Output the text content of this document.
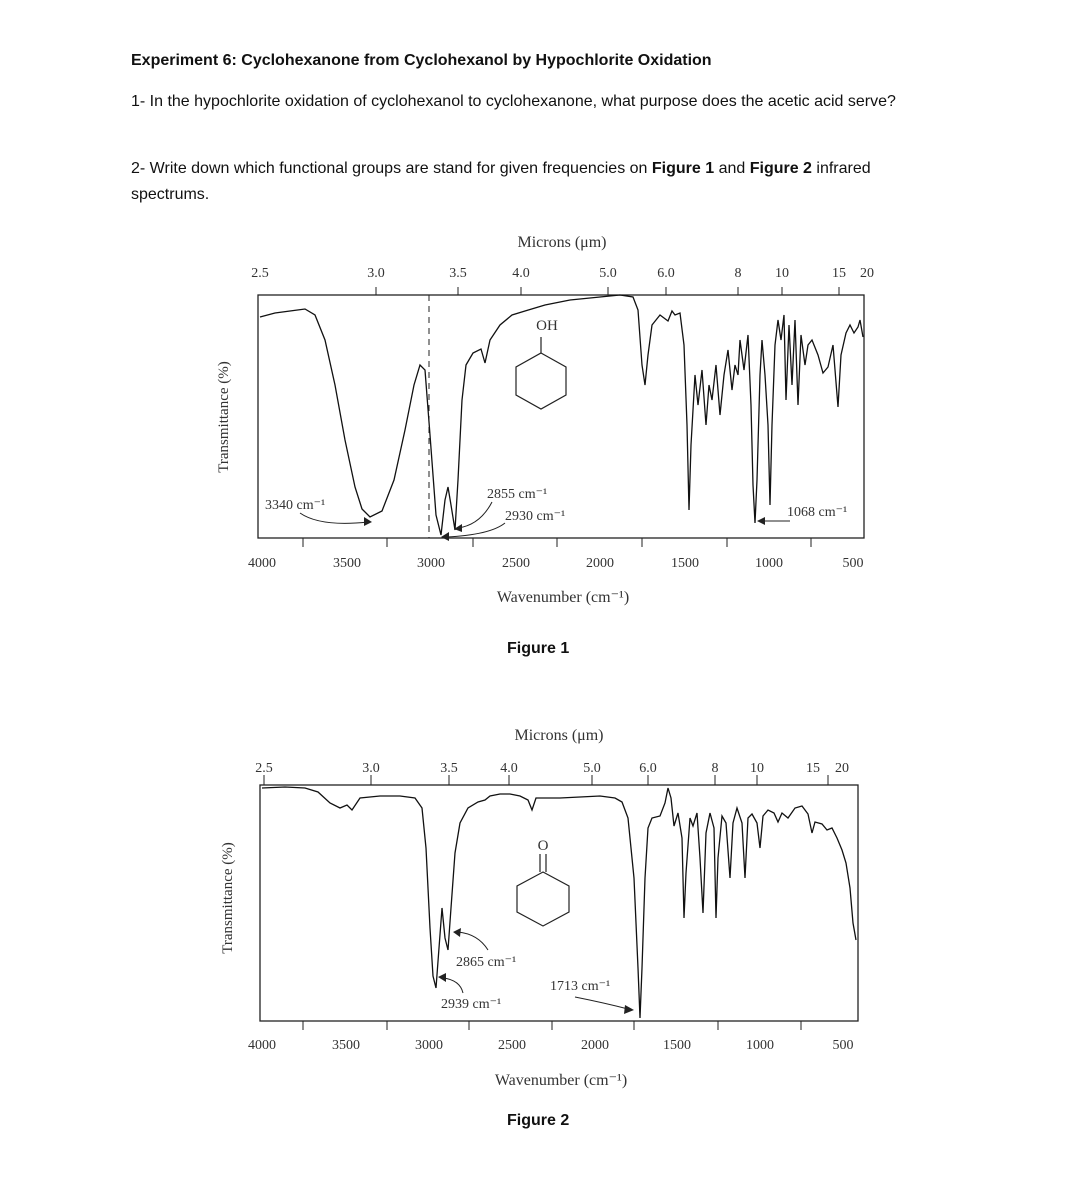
Experiment 6: Cyclohexanone from Cyclohexanol by Hypochlorite Oxidation
1- In the hypochlorite oxidation of cyclohexanol to cyclohexanone, what purpose does the acetic acid serve?
2- Write down which functional groups are stand for given frequencies on Figure 1 and Figure 2 infrared spectrums.
Microns (μm)
2.5	3.0	3.5	4.0	5.0	6.0	8 10	15 20
OH
3340 cm⁻¹
2855 cm⁻¹
2930 cm⁻¹	1068 cm⁻¹
Transmittance (%)
4000	3500	3000	2500	2000	1500	1000	500
Wavenumber (cm⁻¹)
Figure 1
Microns (μm)
2.5	3.0	3.5	4.0	5.0	6.0	8 10	15 20
O
2865 cm⁻¹
2939 cm⁻¹
1713 cm⁻¹
Transmittance (%)
4000	3500	3000	2500	2000	1500	1000	500
Wavenumber (cm⁻¹)
Figure 2
